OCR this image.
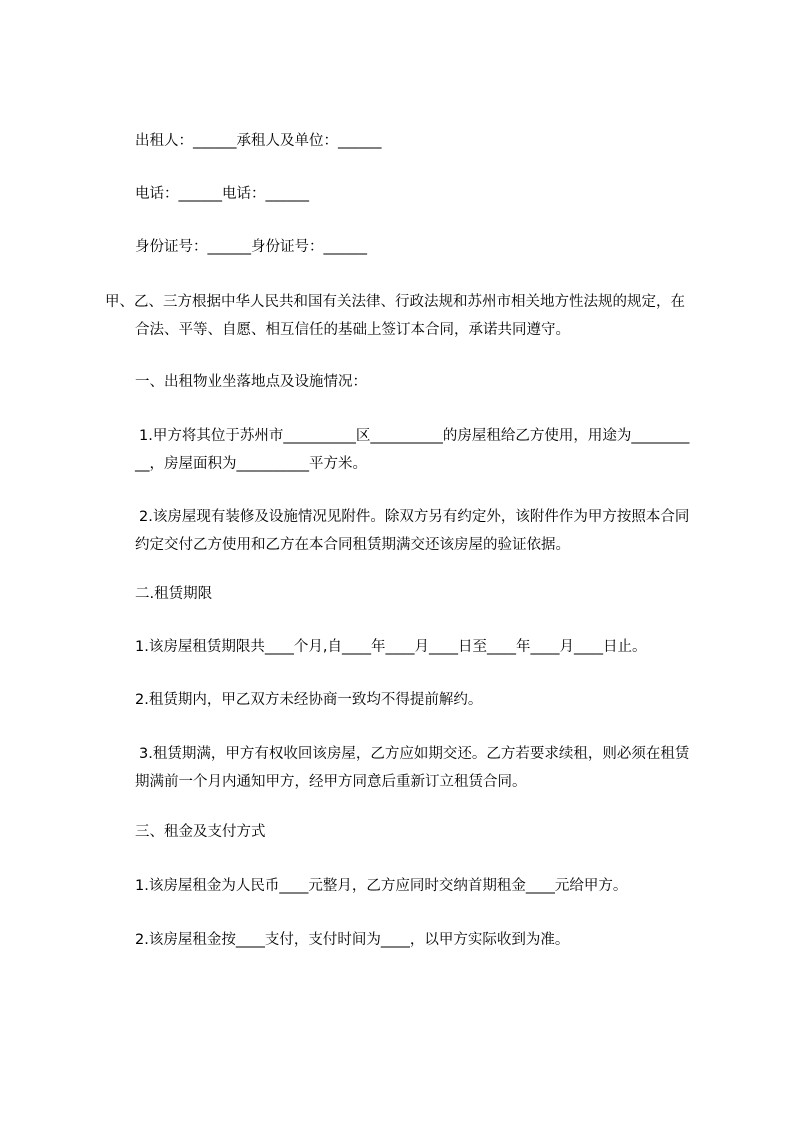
出租人：______承租人及单位：______
电话：______电话：______
身份证号：______身份证号：______
甲、乙、三方根据中华人民共和国有关法律、行政法规和苏州市相关地方性法规的规定，在合法、平等、自愿、相互信任的基础上签订本合同，承诺共同遵守。
一、出租物业坐落地点及设施情况：
1.甲方将其位于苏州市__________区__________的房屋租给乙方使用，用途为__________，房屋面积为__________平方米。
2.该房屋现有装修及设施情况见附件。除双方另有约定外，该附件作为甲方按照本合同约定交付乙方使用和乙方在本合同租赁期满交还该房屋的验证依据。
二.租赁期限
1.该房屋租赁期限共____个月,自____年____月____日至____年____月____日止。
2.租赁期内，甲乙双方未经协商一致均不得提前解约。
3.租赁期满，甲方有权收回该房屋，乙方应如期交还。乙方若要求续租，则必须在租赁期满前一个月内通知甲方，经甲方同意后重新订立租赁合同。
三、租金及支付方式
1.该房屋租金为人民币____元整月，乙方应同时交纳首期租金____元给甲方。
2.该房屋租金按____支付，支付时间为____，以甲方实际收到为准。
